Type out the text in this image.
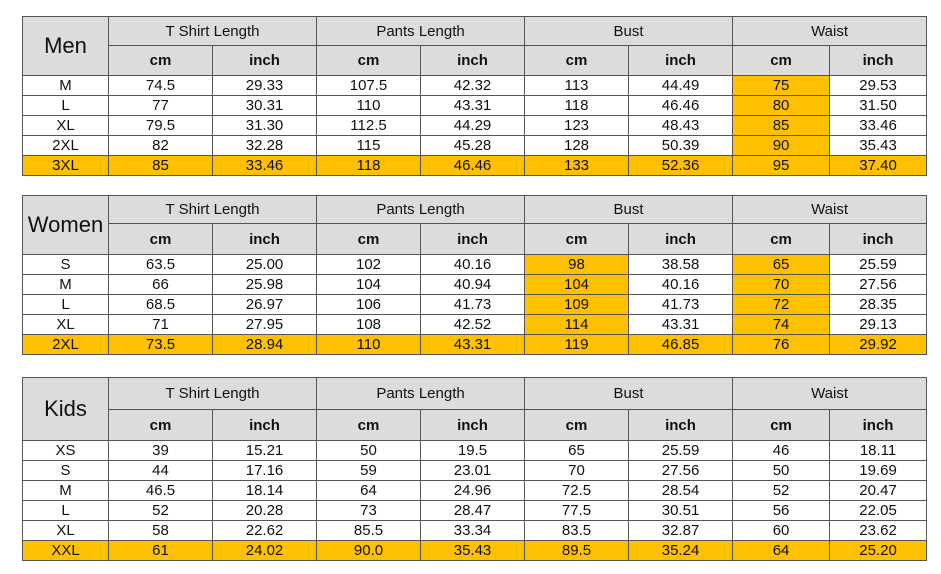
Men	T Shirt Length		Pants Length		Bust		Waist	
	cm	inch	cm	inch	cm	inch	cm	inch
M	74.5	29.33	107.5	42.32	113	44.49	75	29.53
L	77	30.31	110	43.31	118	46.46	80	31.50
XL	79.5	31.30	112.5	44.29	123	48.43	85	33.46
2XL	82	32.28	115	45.28	128	50.39	90	35.43
3XL	85	33.46	118	46.46	133	52.36	95	37.40
Women	T Shirt Length		Pants Length		Bust		Waist	
	cm	inch	cm	inch	cm	inch	cm	inch
S	63.5	25.00	102	40.16	98	38.58	65	25.59
M	66	25.98	104	40.94	104	40.16	70	27.56
L	68.5	26.97	106	41.73	109	41.73	72	28.35
XL	71	27.95	108	42.52	114	43.31	74	29.13
2XL	73.5	28.94	110	43.31	119	46.85	76	29.92
Kids	T Shirt Length		Pants Length		Bust		Waist	
	cm	inch	cm	inch	cm	inch	cm	inch
XS	39	15.21	50	19.5	65	25.59	46	18.11
S	44	17.16	59	23.01	70	27.56	50	19.69
M	46.5	18.14	64	24.96	72.5	28.54	52	20.47
L	52	20.28	73	28.47	77.5	30.51	56	22.05
XL	58	22.62	85.5	33.34	83.5	32.87	60	23.62
XXL	61	24.02	90.0	35.43	89.5	35.24	64	25.20
